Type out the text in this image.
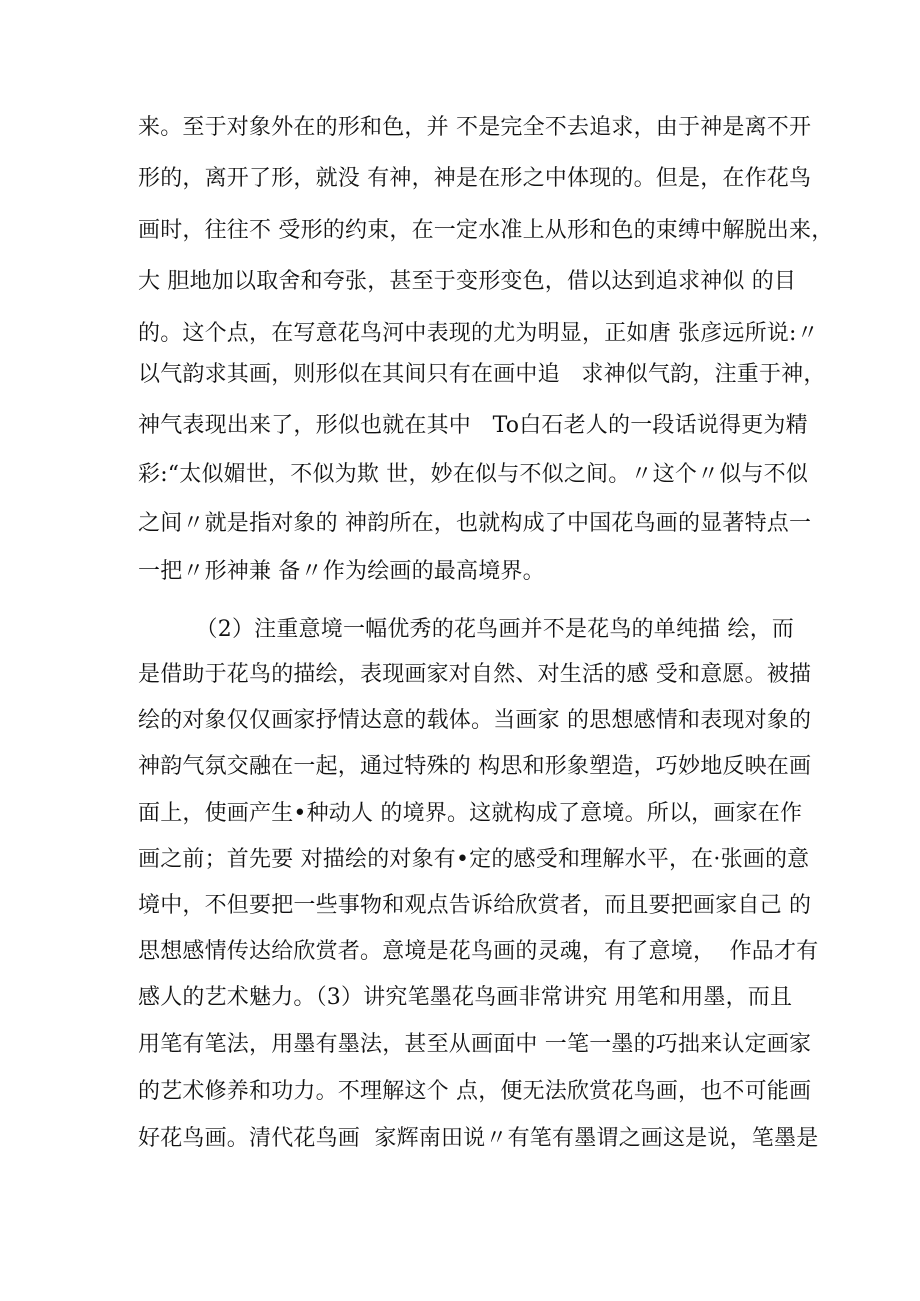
来。至于对象外在的形和色，并 不是完全不去追求，由于神是离不开
形的，离开了形，就没 有神，神是在形之中体现的。但是，在作花鸟
画时，往往不 受形的约束，在一定水准上从形和色的束缚中解脱出来，
大 胆地加以取舍和夸张，甚至于变形变色，借以达到追求神似 的目
的。这个点，在写意花鸟河中表现的尤为明显，正如唐 张彦远所说:〃
以气韵求其画，则形似在其间只有在画中追   求神似气韵，注重于神，
神气表现出来了，形似也就在其中   To白石老人的一段话说得更为精
彩:“太似媚世，不似为欺 世，妙在似与不似之间。〃这个〃似与不似
之间〃就是指对象的 神韵所在，也就构成了中国花鸟画的显著特点一
一把〃形神兼 备〃作为绘画的最高境界。
（2）注重意境一幅优秀的花鸟画并不是花鸟的单纯描 绘，而
是借助于花鸟的描绘，表现画家对自然、对生活的感 受和意愿。被描
绘的对象仅仅画家抒情达意的载体。当画家 的思想感情和表现对象的
神韵气氛交融在一起，通过特殊的 构思和形象塑造，巧妙地反映在画
面上，使画产生•种动人 的境界。这就构成了意境。所以，画家在作
画之前；首先要 对描绘的对象有•定的感受和理解水平，在·张画的意
境中，不但要把一些事物和观点告诉给欣赏者，而且要把画家自己 的
思想感情传达给欣赏者。意境是花鸟画的灵魂，有了意境，  作品才有
感人的艺术魅力。（3）讲究笔墨花鸟画非常讲究 用笔和用墨，而且
用笔有笔法，用墨有墨法，甚至从画面中 一笔一墨的巧拙来认定画家
的艺术修养和功力。不理解这个 点，便无法欣赏花鸟画，也不可能画
好花鸟画。清代花鸟画  家辉南田说〃有笔有墨谓之画这是说，笔墨是
